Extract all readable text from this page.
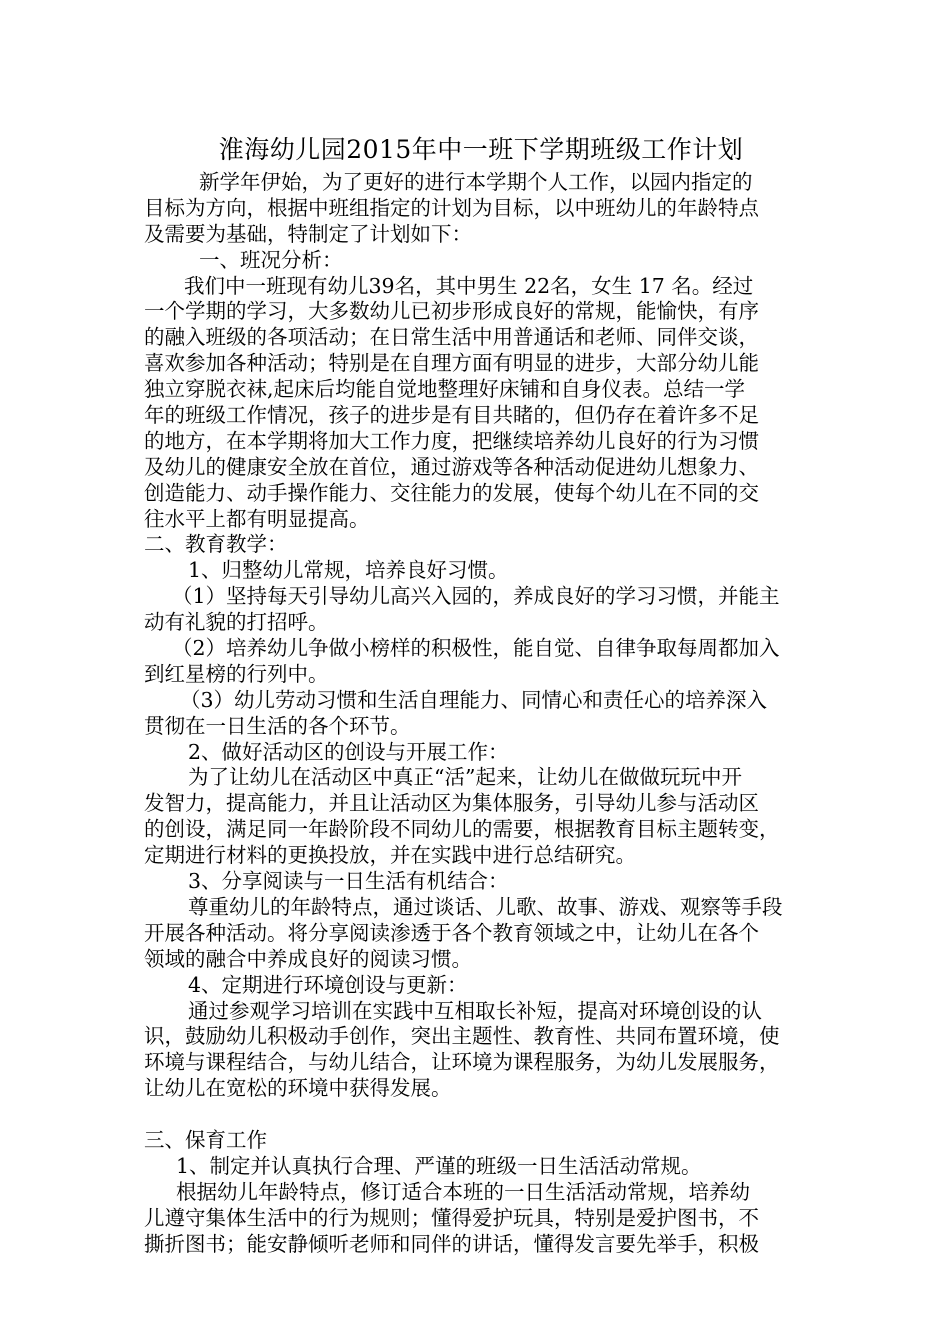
淮海幼儿园2015年中一班下学期班级工作计划
新学年伊始，为了更好的进行本学期个人工作，以园内指定的
目标为方向，根据中班组指定的计划为目标，以中班幼儿的年龄特点
及需要为基础，特制定了计划如下：
一、班况分析：
我们中一班现有幼儿39名，其中男生 22名，女生 17 名。经过
一个学期的学习，大多数幼儿已初步形成良好的常规，能愉快，有序
的融入班级的各项活动；在日常生活中用普通话和老师、同伴交谈，
喜欢参加各种活动；特别是在自理方面有明显的进步，大部分幼儿能
独立穿脱衣袜,起床后均能自觉地整理好床铺和自身仪表。总结一学
年的班级工作情况，孩子的进步是有目共睹的，但仍存在着许多不足
的地方，在本学期将加大工作力度，把继续培养幼儿良好的行为习惯
及幼儿的健康安全放在首位，通过游戏等各种活动促进幼儿想象力、
创造能力、动手操作能力、交往能力的发展，使每个幼儿在不同的交
往水平上都有明显提高。
二、教育教学：
1、归整幼儿常规，培养良好习惯。
（1）坚持每天引导幼儿高兴入园的，养成良好的学习习惯，并能主
动有礼貌的打招呼。
（2）培养幼儿争做小榜样的积极性，能自觉、自律争取每周都加入
到红星榜的行列中。
（3）幼儿劳动习惯和生活自理能力、同情心和责任心的培养深入
贯彻在一日生活的各个环节。
2、做好活动区的创设与开展工作：
为了让幼儿在活动区中真正“活”起来，让幼儿在做做玩玩中开
发智力，提高能力，并且让活动区为集体服务，引导幼儿参与活动区
的创设，满足同一年龄阶段不同幼儿的需要，根据教育目标主题转变，
定期进行材料的更换投放，并在实践中进行总结研究。
3、分享阅读与一日生活有机结合：
尊重幼儿的年龄特点，通过谈话、儿歌、故事、游戏、观察等手段
开展各种活动。将分享阅读渗透于各个教育领域之中，让幼儿在各个
领域的融合中养成良好的阅读习惯。
4、定期进行环境创设与更新：
通过参观学习培训在实践中互相取长补短，提高对环境创设的认
识，鼓励幼儿积极动手创作，突出主题性、教育性、共同布置环境，使
环境与课程结合，与幼儿结合，让环境为课程服务，为幼儿发展服务，
让幼儿在宽松的环境中获得发展。
三、保育工作
1、制定并认真执行合理、严谨的班级一日生活活动常规。
根据幼儿年龄特点，修订适合本班的一日生活活动常规，培养幼
儿遵守集体生活中的行为规则；懂得爱护玩具，特别是爱护图书，不
撕折图书；能安静倾听老师和同伴的讲话，懂得发言要先举手，积极
